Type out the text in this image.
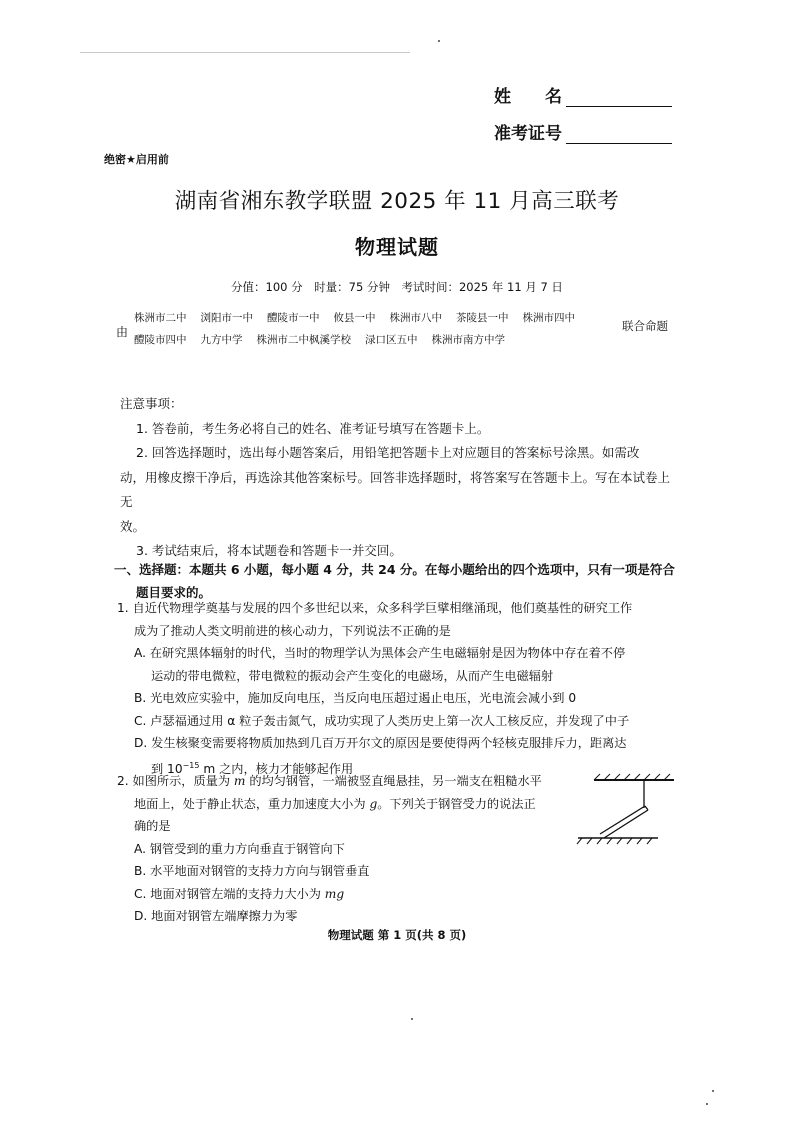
姓　　名
准考证号
绝密★启用前
湖南省湘东教学联盟 2025 年 11 月高三联考
物理试题
分值：100 分　时量：75 分钟　考试时间：2025 年 11 月 7 日
由
株洲市二中 浏阳市一中 醴陵市一中 攸县一中 株洲市八中 茶陵县一中 株洲市四中
醴陵市四中 九方中学 株洲市二中枫溪学校 渌口区五中 株洲市南方中学
联合命题

注意事项：

1. 答卷前，考生务必将自己的姓名、准考证号填写在答题卡上。

2. 回答选择题时，选出每小题答案后，用铅笔把答题卡上对应题目的答案标号涂黑。如需改

动，用橡皮擦干净后，再选涂其他答案标号。回答非选择题时，将答案写在答题卡上。写在本试卷上无

效。

3. 考试结束后，将本试题卷和答题卡一并交回。

一、选择题：本题共 6 小题，每小题 4 分，共 24 分。在每小题给出的四个选项中，只有一项是符合
题目要求的。

1. 自近代物理学奠基与发展的四个多世纪以来，众多科学巨擘相继涌现，他们奠基性的研究工作

成为了推动人类文明前进的核心动力，下列说法不正确的是

A. 在研究黑体辐射的时代，当时的物理学认为黑体会产生电磁辐射是因为物体中存在着不停

运动的带电微粒，带电微粒的振动会产生变化的电磁场，从而产生电磁辐射

B. 光电效应实验中，施加反向电压，当反向电压超过遏止电压，光电流会减小到 0

C. 卢瑟福通过用 α 粒子轰击氮气，成功实现了人类历史上第一次人工核反应，并发现了中子

D. 发生核聚变需要将物质加热到几百万开尔文的原因是要使得两个轻核克服排斥力，距离达

到 $10^{-15}$ m 之内，核力才能够起作用

2. 如图所示，质量为 m 的均匀钢管，一端被竖直绳悬挂，另一端支在粗糙水平

地面上，处于静止状态，重力加速度大小为 g。下列关于钢管受力的说法正

确的是

A. 钢管受到的重力方向垂直于钢管向下

B. 水平地面对钢管的支持力方向与钢管垂直

C. 地面对钢管左端的支持力大小为 mg

D. 地面对钢管左端摩擦力为零

物理试题 第 1 页(共 8 页)
